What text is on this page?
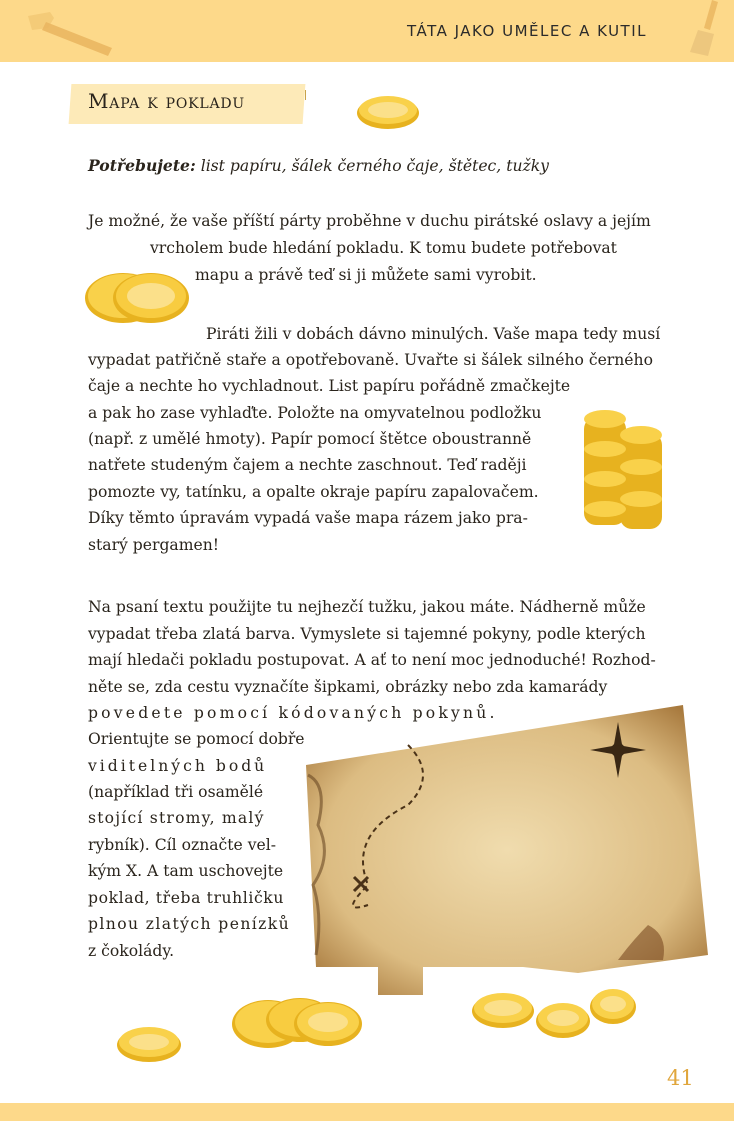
TÁTA JAKO UMĚLEC A KUTIL
Mapa k pokladu
Potřebujete: list papíru, šálek černého čaje, štětec, tužky
Je možné, že vaše příští párty proběhne v duchu pirátské oslavy a jejím
vrcholem bude hledání pokladu. K tomu budete potřebovat
mapu a právě teď si ji můžete sami vyrobit.
Piráti žili v dobách dávno minulých. Vaše mapa tedy musí
vypadat patřičně staře a opotřebovaně. Uvařte si šálek silného černého
čaje a nechte ho vychladnout. List papíru pořádně zmačkejte
a pak ho zase vyhlaďte. Položte na omyvatelnou podložku
(např. z umělé hmoty). Papír pomocí štětce oboustranně
natřete studeným čajem a nechte zaschnout. Teď raději
pomozte vy, tatínku, a opalte okraje papíru zapalovačem.
Díky těmto úpravám vypadá vaše mapa rázem jako pra-
starý pergamen!
Na psaní textu použijte tu nejhezčí tužku, jakou máte. Nádherně může
vypadat třeba zlatá barva. Vymyslete si tajemné pokyny, podle kterých
mají hledači pokladu postupovat. A ať to není moc jednoduché! Rozhod-
něte se, zda cestu vyznačíte šipkami, obrázky nebo zda kamarády
povedete pomocí kódovaných pokynů.
Orientujte se pomocí dobře
viditelných bodů
(například tři osamělé
stojící stromy, malý
rybník). Cíl označte vel-
kým X. A tam uschovejte
poklad, třeba truhličku
plnou zlatých penízků
z čokolády.
41
